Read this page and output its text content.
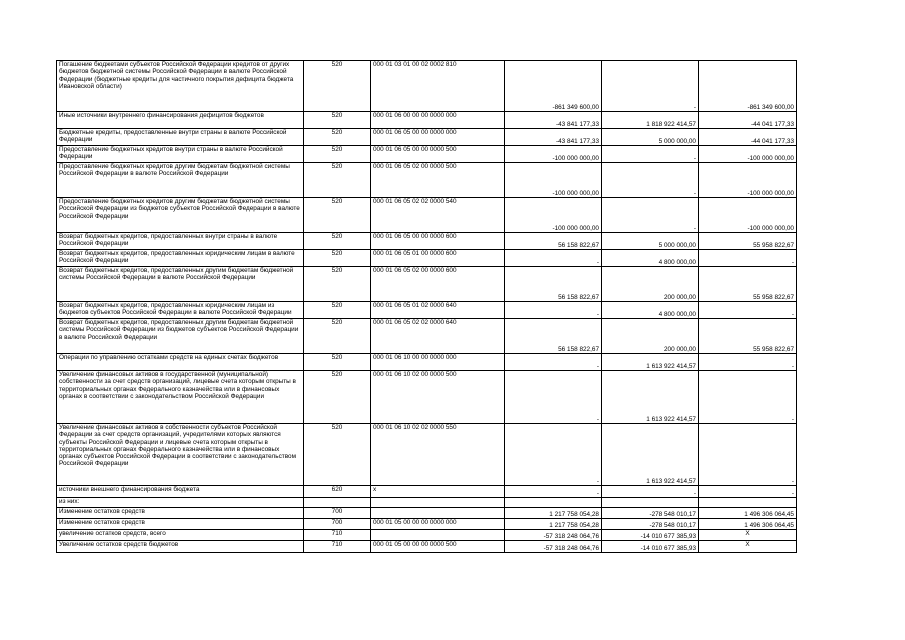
Погашение бюджетами субъектов Российской Федерации кредитов от других бюджетов бюджетной системы Российской Федерации в валюте Российской Федерации (бюджетные кредиты для частичного покрытия дефицита бюджета Ивановской области)	520	000 01 03 01 00 02 0002 810	-861 349 600,00	-	-861 349 600,00
Иные источники внутреннего финансирования дефицитов бюджетов	520	000 01 06 00 00 00 0000 000	-43 841 177,33	1 818 922 414,57	-44 041 177,33
Бюджетные кредиты, предоставленные внутри страны в валюте Российской Федерации	520	000 01 06 05 00 00 0000 000	-43 841 177,33	5 000 000,00	-44 041 177,33
Предоставление бюджетных кредитов внутри страны в валюте Российской Федерации	520	000 01 06 05 00 00 0000 500	-100 000 000,00	-	-100 000 000,00
Предоставление бюджетных кредитов другим бюджетам бюджетной системы Российской Федерации в валюте Российской Федерации	520	000 01 06 05 02 00 0000 500	-100 000 000,00	-	-100 000 000,00
Предоставление бюджетных кредитов другим бюджетам бюджетной системы Российской Федерации из бюджетов субъектов Российской Федерации в валюте Российской Федерации	520	000 01 06 05 02 02 0000 540	-100 000 000,00	-	-100 000 000,00
Возврат бюджетных кредитов, предоставленных внутри страны в валюте Российской Федерации	520	000 01 06 05 00 00 0000 600	56 158 822,67	5 000 000,00	55 958 822,67
Возврат бюджетных кредитов, предоставленных юридическим лицам в валюте Российской Федерации	520	000 01 06 05 01 00 0000 600	-	4 800 000,00	-
Возврат бюджетных кредитов, предоставленных другим бюджетам бюджетной системы Российской Федерации в валюте Российской Федерации	520	000 01 06 05 02 00 0000 600	56 158 822,67	200 000,00	55 958 822,67
Возврат бюджетных кредитов, предоставленных юридическим лицам из бюджетов субъектов Российской Федерации в валюте Российской Федерации	520	000 01 06 05 01 02 0000 640	-	4 800 000,00	-
Возврат бюджетных кредитов, предоставленных другим бюджетам бюджетной системы Российской Федерации из бюджетов субъектов Российской Федерации в валюте Российской Федерации	520	000 01 06 05 02 02 0000 640	56 158 822,67	200 000,00	55 958 822,67
Операции по управлению остатками средств на единых счетах бюджетов	520	000 01 06 10 00 00 0000 000	-	1 613 922 414,57	-
Увеличение финансовых активов в государственной (муниципальной) собственности за счет средств организаций, лицевые счета которым открыты в территориальных органах Федерального казначейства или в финансовых органах в соответствии с законодательством Российской Федерации	520	000 01 06 10 02 00 0000 500	-	1 613 922 414,57	-
Увеличение финансовых активов в собственности субъектов Российской Федерации за счет средств организаций, учредителями которых являются субъекты Российской Федерации и лицевые счета которым открыты в территориальных органах Федерального казначейства или в финансовых органах субъектов Российской Федерации в соответствии с законодательством Российской Федерации	520	000 01 06 10 02 02 0000 550	-	1 613 922 414,57	-
источники внешнего финансирования бюджета	620	x	-	-	-
из них:					
Изменение остатков средств	700		1 217 758 054,28	-278 548 010,17	1 496 306 064,45
Изменение остатков средств	700	000 01 05 00 00 00 0000 000	1 217 758 054,28	-278 548 010,17	1 496 306 064,45
увеличение остатков средств, всего	710		-57 318 248 064,76	-14 010 677 385,93	X
Увеличение остатков средств бюджетов	710	000 01 05 00 00 00 0000 500	-57 318 248 064,76	-14 010 677 385,93	X
